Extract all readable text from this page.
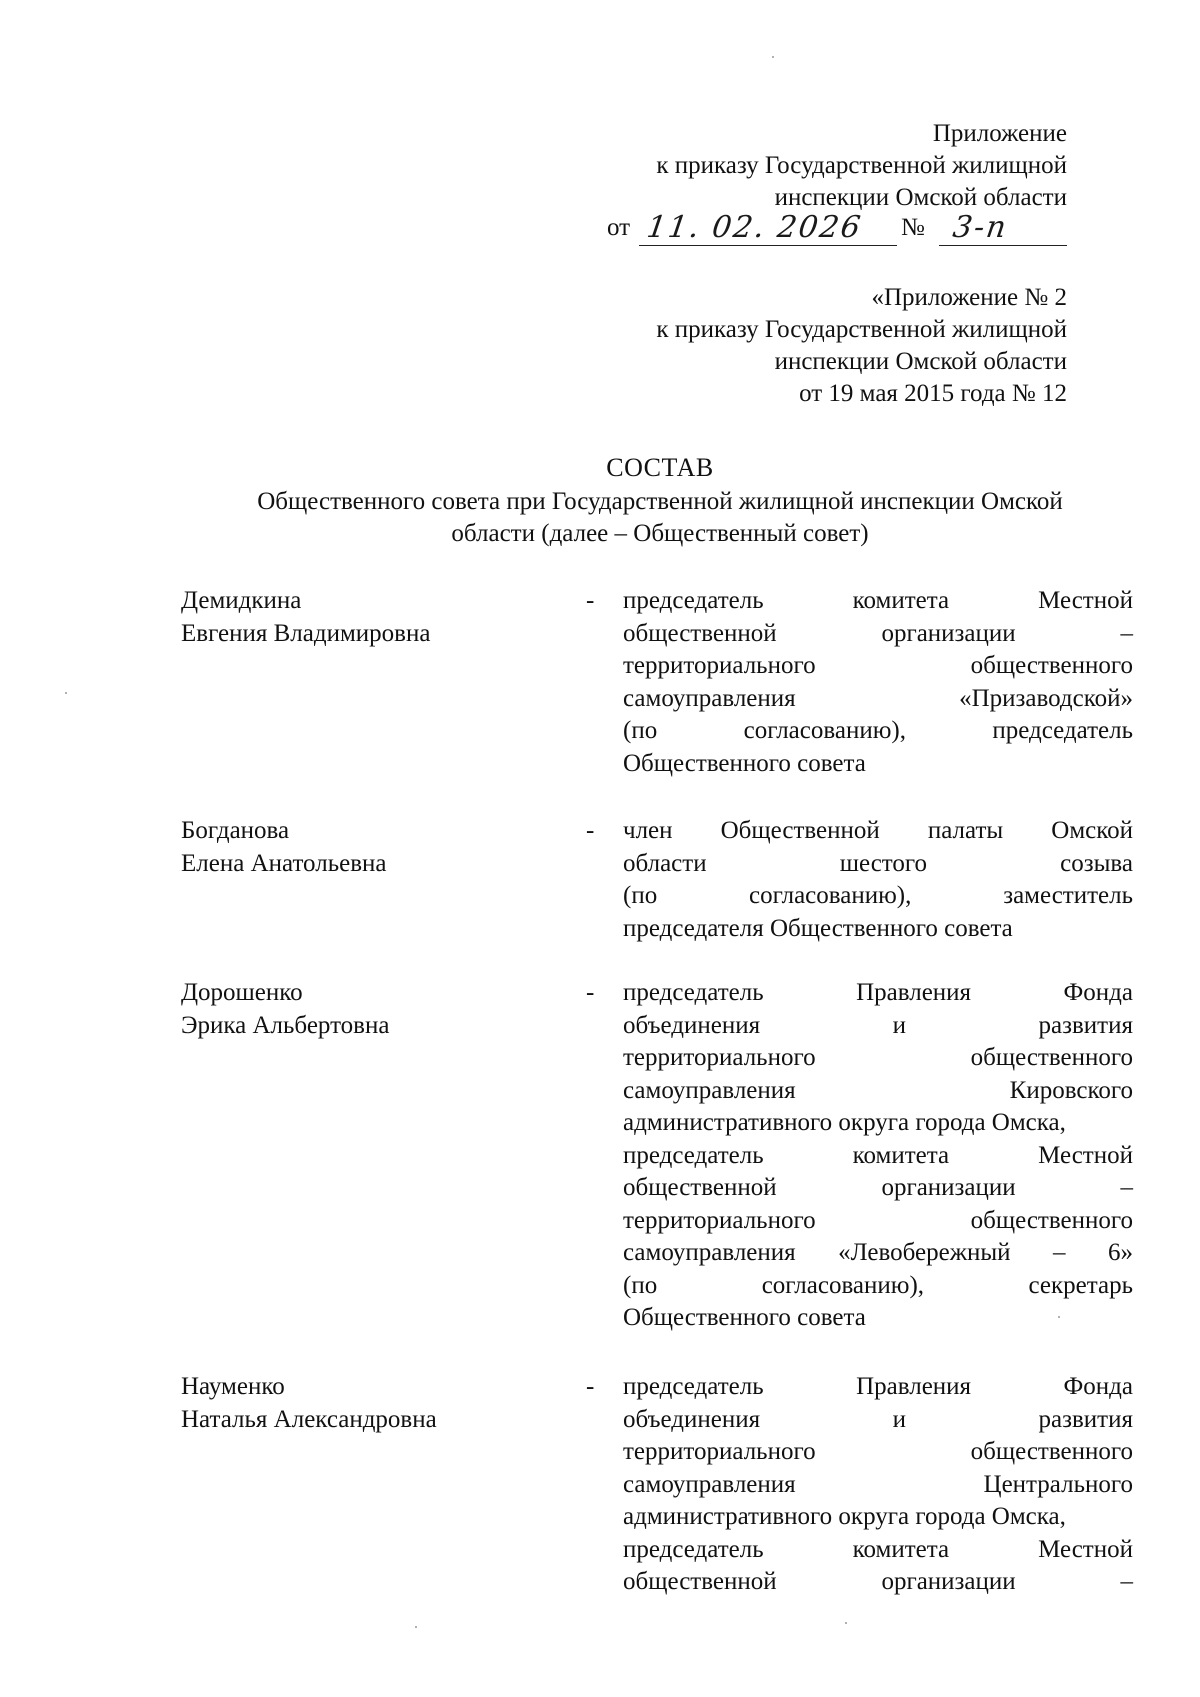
Приложение
к приказу Государственной жилищной
инспекции Омской области
от 11. 02. 2026 № 3-п
«Приложение № 2
к приказу Государственной жилищной
инспекции Омской области
от 19 мая 2015 года № 12
СОСТАВ
Общественного совета при Государственной жилищной инспекции Омской
области (далее – Общественный совет)
Демидкина
Евгения Владимировна
- председатель	комитета	Местной
общественной	организации	–
территориального	общественного
самоуправления	«Призаводской»
(по	согласованию),	председатель
Общественного совета
Богданова
Елена Анатольевна
- член Общественной палаты Омской
области	шестого	созыва
(по	согласованию),	заместитель
председателя Общественного совета
Дорошенко
Эрика Альбертовна
- председатель	Правления	Фонда
объединения	и	развития
территориального	общественного
самоуправления	Кировского
административного округа города Омска,
председатель	комитета	Местной
общественной	организации	–
территориального	общественного
самоуправления «Левобережный – 6»
(по	согласованию),	секретарь
Общественного совета
Науменко
Наталья Александровна
- председатель	Правления	Фонда
объединения	и	развития
территориального	общественного
самоуправления	Центрального
административного округа города Омска,
председатель	комитета	Местной
общественной	организации	–
